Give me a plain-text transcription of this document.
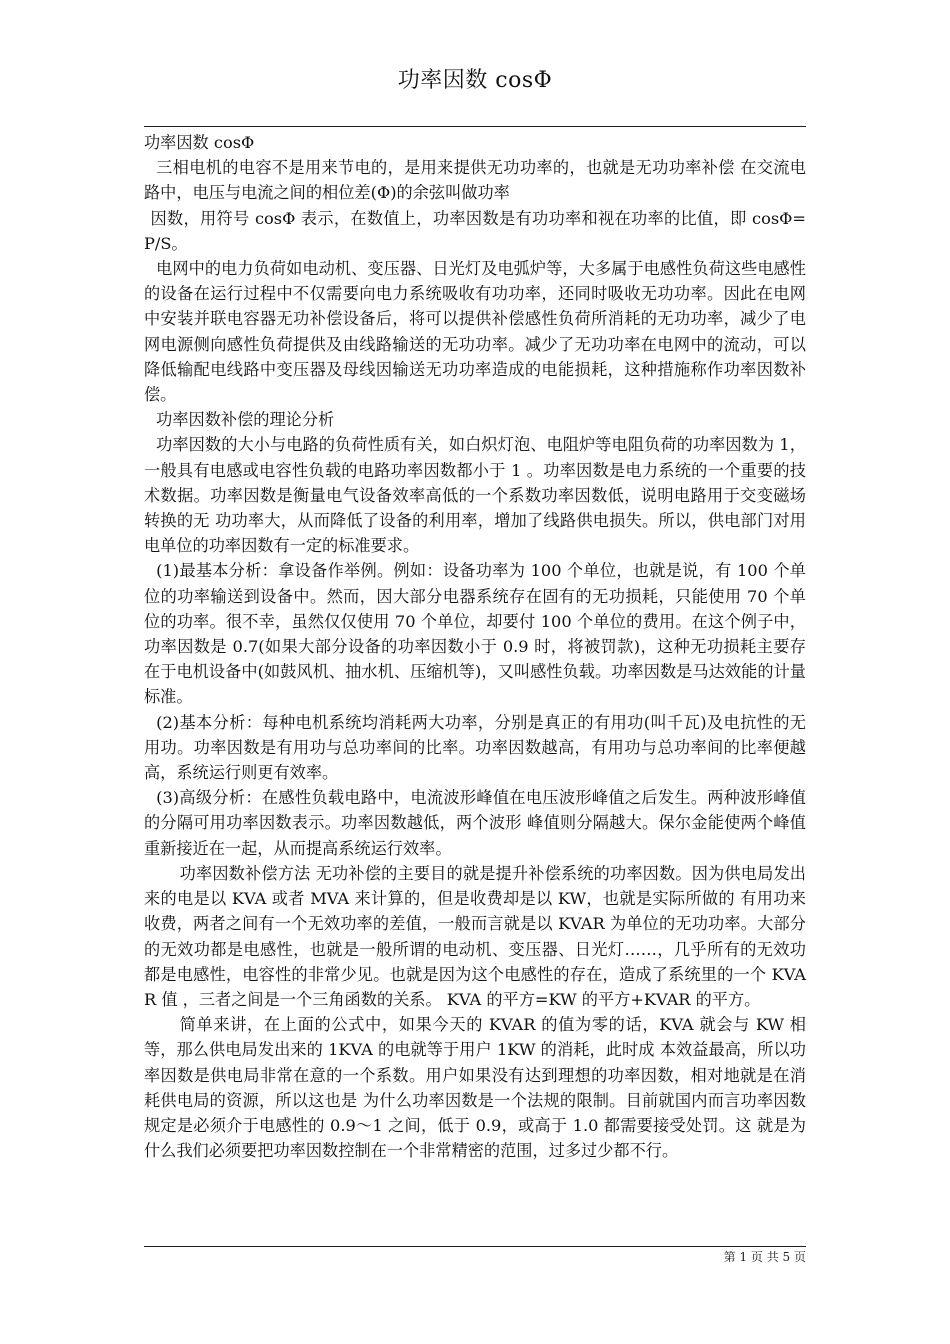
功率因数 cosΦ

功率因数 cosΦ

三相电机的电容不是用来节电的，是用来提供无功功率的，也就是无功功率补偿 在交流电路中，电压与电流之间的相位差(Φ)的余弦叫做功率

因数，用符号 cosΦ 表示，在数值上，功率因数是有功功率和视在功率的比值，即 cosΦ=P/S。

电网中的电力负荷如电动机、变压器、日光灯及电弧炉等，大多属于电感性负荷这些电感性的设备在运行过程中不仅需要向电力系统吸收有功功率，还同时吸收无功功率。因此在电网中安装并联电容器无功补偿设备后，将可以提供补偿感性负荷所消耗的无功功率，减少了电网电源侧向感性负荷提供及由线路输送的无功功率。减少了无功功率在电网中的流动，可以降低输配电线路中变压器及母线因输送无功功率造成的电能损耗，这种措施称作功率因数补偿。

功率因数补偿的理论分析

功率因数的大小与电路的负荷性质有关，如白炽灯泡、电阻炉等电阻负荷的功率因数为 1，一般具有电感或电容性负载的电路功率因数都小于 1 。功率因数是电力系统的一个重要的技术数据。功率因数是衡量电气设备效率高低的一个系数功率因数低，说明电路用于交变磁场转换的无 功功率大，从而降低了设备的利用率，增加了线路供电损失。所以，供电部门对用电单位的功率因数有一定的标准要求。

(1)最基本分析：拿设备作举例。例如：设备功率为 100 个单位，也就是说，有 100 个单位的功率输送到设备中。然而，因大部分电器系统存在固有的无功损耗，只能使用 70 个单位的功率。很不幸，虽然仅仅使用 70 个单位，却要付 100 个单位的费用。在这个例子中，功率因数是 0.7(如果大部分设备的功率因数小于 0.9 时，将被罚款)，这种无功损耗主要存在于电机设备中(如鼓风机、抽水机、压缩机等)，又叫感性负载。功率因数是马达效能的计量标准。

(2)基本分析：每种电机系统均消耗两大功率，分别是真正的有用功(叫千瓦)及电抗性的无用功。功率因数是有用功与总功率间的比率。功率因数越高，有用功与总功率间的比率便越高，系统运行则更有效率。

(3)高级分析：在感性负载电路中，电流波形峰值在电压波形峰值之后发生。两种波形峰值的分隔可用功率因数表示。功率因数越低，两个波形 峰值则分隔越大。保尔金能使两个峰值重新接近在一起，从而提高系统运行效率。

功率因数补偿方法 无功补偿的主要目的就是提升补偿系统的功率因数。因为供电局发出来的电是以 KVA 或者 MVA 来计算的，但是收费却是以 KW，也就是实际所做的 有用功来收费，两者之间有一个无效功率的差值，一般而言就是以 KVAR 为单位的无功功率。大部分的无效功都是电感性，也就是一般所谓的电动机、变压器、日光灯……，几乎所有的无效功都是电感性，电容性的非常少见。也就是因为这个电感性的存在，造成了系统里的一个 KVAR 值 ，三者之间是一个三角函数的关系。 KVA 的平方=KW 的平方+KVAR 的平方。

简单来讲，在上面的公式中，如果今天的 KVAR 的值为零的话，KVA 就会与 KW 相等，那么供电局发出来的 1KVA 的电就等于用户 1KW 的消耗，此时成 本效益最高，所以功率因数是供电局非常在意的一个系数。用户如果没有达到理想的功率因数，相对地就是在消耗供电局的资源，所以这也是 为什么功率因数是一个法规的限制。目前就国内而言功率因数规定是必须介于电感性的 0.9～1 之间，低于 0.9，或高于 1.0 都需要接受处罚。这 就是为什么我们必须要把功率因数控制在一个非常精密的范围，过多过少都不行。

第 1 页 共 5 页
